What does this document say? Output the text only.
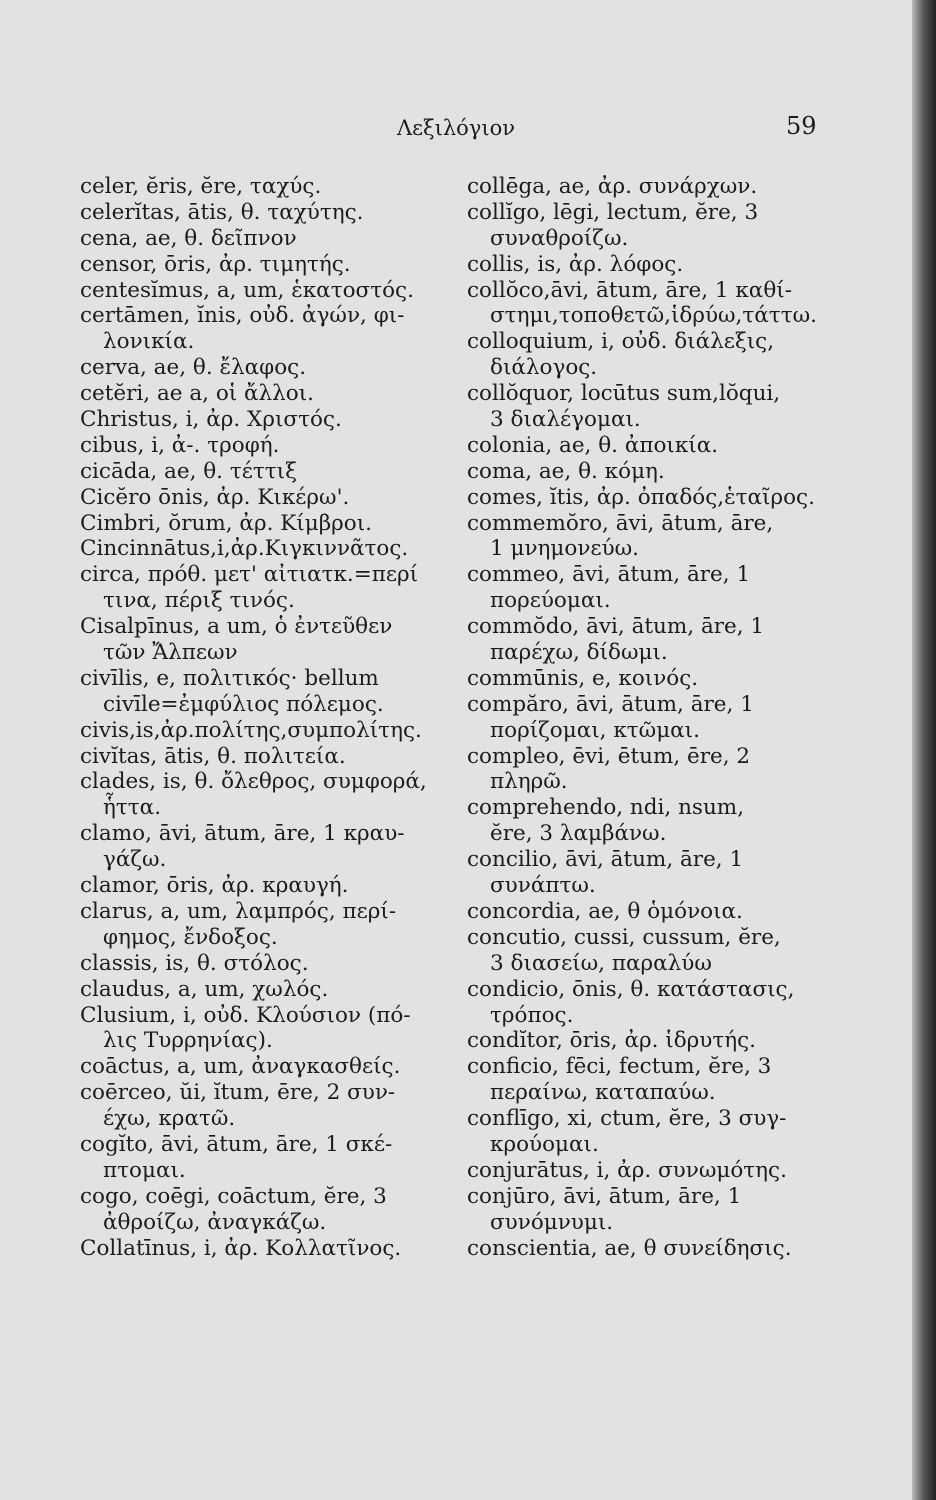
Λεξιλόγιον	59
celer, ĕris, ĕre, ταχύς.
celerĭtas, ātis, θ. ταχύτης.
cena, ae, θ. δεῖπνον
censor, ōris, ἀρ. τιμητής.
centesĭmus, a, um, ἑκατοστός.
certāmen, ĭnis, οὐδ. ἀγών, φι-
λονικία.
cerva, ae, θ. ἔλαφος.
cetĕri, ae a, οἱ ἄλλοι.
Christus, i, ἀρ. Χριστός.
cibus, i, ἀ-. τροφή.
cicāda, ae, θ. τέττιξ
Cicĕro ōnis, ἀρ. Κικέρω'.
Cimbri, ŏrum, ἀρ. Κίμβροι.
Cincinnātus,i,ἀρ.Κιγκιννᾶτος.
circa, πρόθ. μετ' αἰτιατκ.=περί
τινα, πέριξ τινός.
Cisalpīnus, a um, ὁ ἐντεῦθεν
τῶν Ἄλπεων
civīlis, e, πολιτικός· bellum
civīle=ἐμφύλιος πόλεμος.
civis,is,ἀρ.πολίτης,συμπολίτης.
civĭtas, ātis, θ. πολιτεία.
clades, is, θ. ὄλεθρος, συμφορά,
ἧττα.
clamo, āvi, ātum, āre, 1 κραυ-
γάζω.
clamor, ōris, ἀρ. κραυγή.
clarus, a, um, λαμπρός, περί-
φημος, ἔνδοξος.
classis, is, θ. στόλος.
claudus, a, um, χωλός.
Clusium, i, οὐδ. Κλούσιον (πό-
λις Τυρρηνίας).
coāctus, a, um, ἀναγκασθείς.
coērceo, ŭi, ĭtum, ēre, 2 συν-
έχω, κρατῶ.
cogĭto, āvi, ātum, āre, 1 σκέ-
πτομαι.
cogo, coēgi, coāctum, ĕre, 3
ἀθροίζω, ἀναγκάζω.
Collatīnus, i, ἀρ. Κολλατῖνος.
collēga, ae, ἀρ. συνάρχων.
collĭgo, lēgi, lectum, ĕre, 3
συναθροίζω.
collis, is, ἀρ. λόφος.
collŏco,āvi, ātum, āre, 1 καθί-
στημι,τοποθετῶ,ἱδρύω,τάττω.
colloquium, i, οὐδ. διάλεξις,
διάλογος.
collŏquor, locūtus sum,lŏqui,
3 διαλέγομαι.
colonia, ae, θ. ἀποικία.
coma, ae, θ. κόμη.
comes, ĭtis, ἀρ. ὀπαδός,ἑταῖρος.
commemŏro, āvi, ātum, āre,
1 μνημονεύω.
commeo, āvi, ātum, āre, 1
πορεύομαι.
commŏdo, āvi, ātum, āre, 1
παρέχω, δίδωμι.
commūnis, e, κοινός.
compăro, āvi, ātum, āre, 1
πορίζομαι, κτῶμαι.
compleo, ēvi, ētum, ēre, 2
πληρῶ.
comprehendo, ndi, nsum,
ĕre, 3 λαμβάνω.
concilio, āvi, ātum, āre, 1
συνάπτω.
concordia, ae, θ ὁμόνοια.
concutio, cussi, cussum, ĕre,
3 διασείω, παραλύω
condicio, ōnis, θ. κατάστασις,
τρόπος.
condĭtor, ōris, ἀρ. ἱδρυτής.
conficio, fēci, fectum, ĕre, 3
περαίνω, καταπαύω.
conflīgo, xi, ctum, ĕre, 3 συγ-
κρούομαι.
conjurātus, i, ἀρ. συνωμότης.
conjūro, āvi, ātum, āre, 1
συνόμνυμι.
conscientia, ae, θ συνείδησις.
